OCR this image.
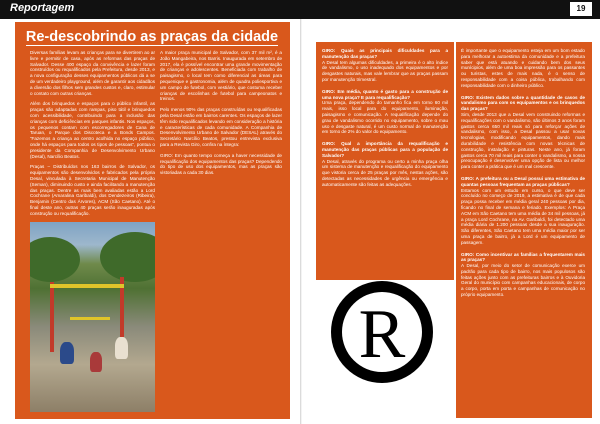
Reportagem	19
Re-descobrindo as praças da cidade

Diversas famílias levam as crianças para se divertirem ao ar livre e permitir de casa, após as reformas das praças de Salvador. Desse 400 espaço da convivência e lazer foram construídos ou requalificados pela Prefeitura, desde 2013, e a nova configuração desses equipamentos públicos dá a se de um verdadeiro playground, além de garantir aos cidadãos a diversão dos filhos sem grandes custos e, claro, estimular o contato com outras crianças.

Além dos brinquedos e espaços para o público infantil, as praças são adaptadas com rampas, piso tátil e brinquedos com acessibilidade, contribuindo para a inclusão das crianças com deficiências em parques infantis. Nos espaços, os pequenos contam com escorregadores de Cana de Taruan, o Parque dos Discoteca e a Bonds Campos. “Fazemos a criança ao centro acolhida no espaço público, onde há espaços para todos os tipos de pessoas”, pontua o presidente da Companhia de Desenvolvimento Urbano (Desal), Narcílio Beatos.

Praças – Distribuídos nos 163 bairros de Salvador, os equipamentos são desenvolvidos e fabricados pela própria Desal, vinculada à Secretaria Municipal de Manutenção (Seman), diminuindo custo e ainda facilitando a manutenção das praças. Dentre as mais bem avaliadas estão a Lord Cochrane (Amaralina Garibaldi), dos Dendezeiros (Ribeira), Benjamin (Centro das Árvores), ACM (São Caetano). Até o final deste ano, outras 40 praças serão inauguradas após construção ou requalificação.

A maior praça municipal de Salvador, com 37 mil m², é a João Mangabeira, nos Barris. Inaugurada em setembro de 2017, ela é possível encontrar uma grande movimentação de crianças e adolescentes. Beneficiada com trabalho de paisagismo, o local tem como diferencial as áreas para pequenique e gastronomia, além de quadra poliesportiva e um campo de futebol, com vestiário, que costuma receber crianças de escolinhas de futebol para campeonatos e treinos.

Pelo menos 90% das praças construídas ou requalificadas pela Desal estão em bairros carentes. Os espaços de lazer têm sido requalificados levando em consideração a história e características de cada comunidade. A Companhia de Desenvolvimento Urbano de Salvador (DESAL) através do Secretário Narcílio Beatos, prestou entrevista exclusiva para a Revista Giro, confira na íntegra:

GIRO: Em quanto tempo começa a haver necessidade de requalificação dos equipamentos das praças? Dependendo do tipo de uso dos equipamentos, mas as praças são vistoriadas a cada 30 dias.

GIRO: Quais as principais dificuldades para a manutenção das praças?

A Desal tem algumas dificuldades, a primeira é o alto índice de vandalismo, o uso inadequado dos equipamentos e por desgastes naturais, mas vale lembrar que as praças passam por manutenção trimestral.

GIRO: Em média, quanto é gasto para a construção de uma nova praça? E para requalificação?

Uma praça, dependendo do tamanho fica em torno 60 mil reais, isso local para do equipamento, iluminação, paisagismo e comunicação. A requalificação depende do grau de vandalismo ocorrido no equipamento, sobre o mau uso e desgaste natural, é um custo normal de manutenção em torno de 2% do valor do equipamento.

GIRO: Qual a importância da requalificação e manutenção das praças públicas para a população de Salvador?

A Desal, através do programa ou certo a minha praça olha um sistema de manutenção e requalificação do equipamento que vistoria cerca de 25 praças por mês, nestas ações, são detectadas as necessidades de urgência ou emergência e automaticamente são feitas as adequações.

R

É importante que o equipamento esteja em um bom estado para melhorar a autoestima da comunidade e a prefeitura saber que está atuando e cuidando bem dos seus munícipios, além de uma boa impressão para os passantes ou turistas, estes de mais nada, é o senso de responsabilidade com a coisa pública, trabalhando com responsabilidade com o dinheiro público.

GIRO: Existem dados sobre a quantidade de casos de vandalismo para com os equipamentos e os brinquedos das praças?

Sim, desde 2013 que a Desal vem construindo reformas e requalificações com o vandalismo, são últimos 3 anos foram gastos cerca 650 mil reais só para reforçar ações de vandalismo, com isso, a Desal passou a usar novas tecnologias, modificando equipamentos, dando mais durabilidade e resistência com novas técnicas de construção, instalação e pinturas. Neste ano, já foram gastos cerca 70 mil reais para conter o vandalismo, a nossa preocupação é desenvolver uma opção de lista ou melhor para conter a prática que é um mal crescente.

GIRO: A prefeitura ou a Desal possui uma estimativa de quantas pessoas frequentam as praças públicas?

Estamos com um estudo em curso, o que deve ser concluído no começo de 2019, a estimativa é de que cada praça possa receber em média geral 240 pessoas por dia, ficando no final de semana e feriado. Exemplos: A Praça ACM em São Caetano tem uma média de 34 mil pessoas, já a praça Lord Cochrane, na Av. Garibaldi, foi detectado uma média diária de 1.200 pessoas desde a sua inauguração. São diferentes, São Caetano tem uma média maior por ser uma praça de bairro, já a Lord é um equipamento de passagem.

GIRO: Como incentivar as famílias a frequentarem mais as praças?

A Desal, por meio do setor de comunicação exerce um padrão para cada tipo de bairro, nos mais populosos são feitas ações junto com as prefeituras bairros e à Ouvidoria Geral do município com campanhas educacionais, de corpo a corpo, porta em porta e campanhas de comunicação no próprio equipamento.
